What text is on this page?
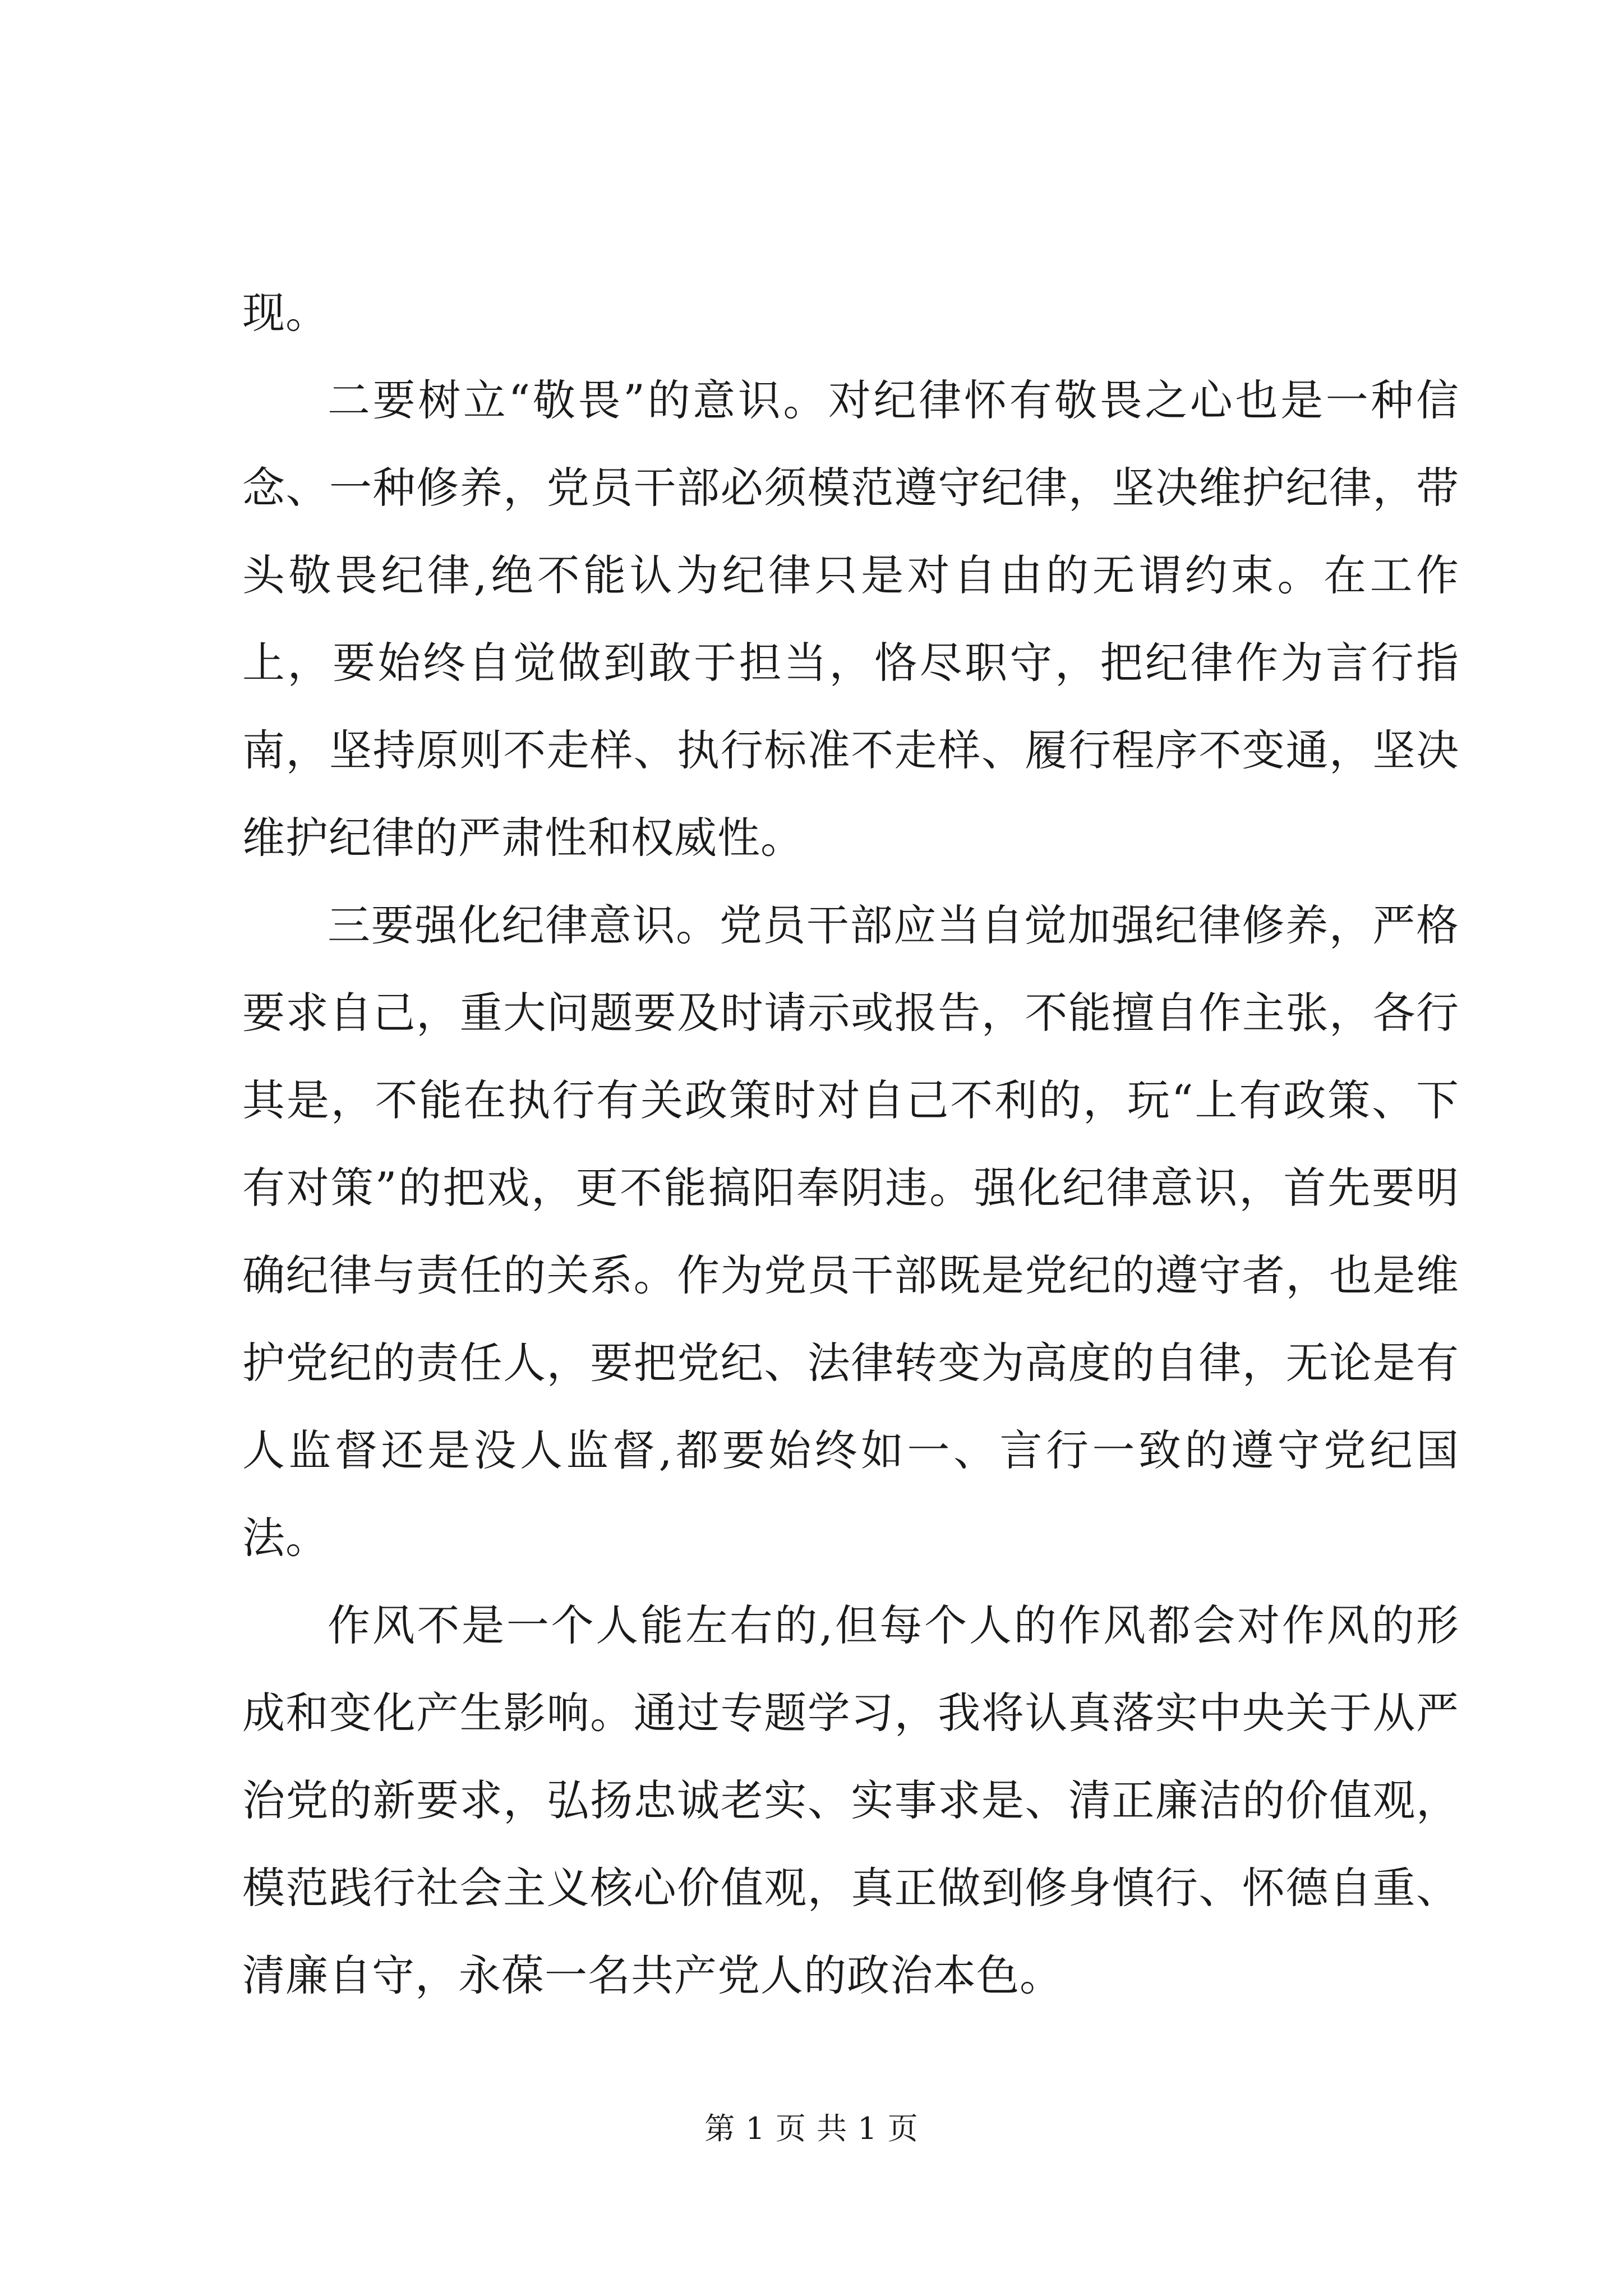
现。

二要树立“敬畏”的意识。对纪律怀有敬畏之心也是一种信念、一种修养，党员干部必须模范遵守纪律，坚决维护纪律，带头敬畏纪律,绝不能认为纪律只是对自由的无谓约束。在工作上，要始终自觉做到敢于担当，恪尽职守，把纪律作为言行指南，坚持原则不走样、执行标准不走样、履行程序不变通，坚决维护纪律的严肃性和权威性。

三要强化纪律意识。党员干部应当自觉加强纪律修养，严格要求自己，重大问题要及时请示或报告，不能擅自作主张，各行其是，不能在执行有关政策时对自己不利的，玩“上有政策、下有对策”的把戏，更不能搞阳奉阴违。强化纪律意识，首先要明确纪律与责任的关系。作为党员干部既是党纪的遵守者，也是维护党纪的责任人，要把党纪、法律转变为高度的自律，无论是有人监督还是没人监督,都要始终如一、言行一致的遵守党纪国法。

作风不是一个人能左右的,但每个人的作风都会对作风的形成和变化产生影响。通过专题学习，我将认真落实中央关于从严治党的新要求，弘扬忠诚老实、实事求是、清正廉洁的价值观，模范践行社会主义核心价值观，真正做到修身慎行、怀德自重、清廉自守，永葆一名共产党人的政治本色。

第 1 页 共 1 页
